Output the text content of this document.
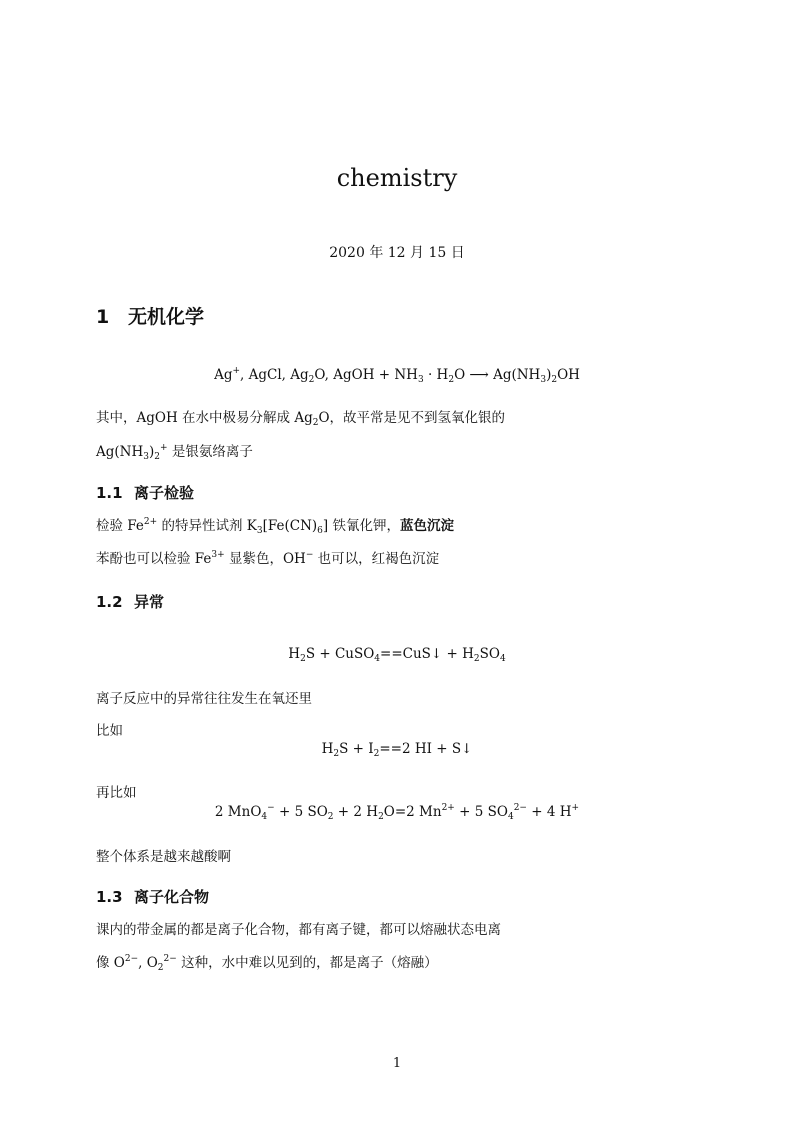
chemistry
2020 年 12 月 15 日
1 无机化学
Ag+, AgCl, $Ag_2O$, AgOH + $NH_3 \cdot H_2O$ ⟶ $Ag(NH_3)_2OH$
其中，AgOH 在水中极易分解成 $Ag_2O$，故平常是见不到氢氧化银的
$Ag(NH_3)_2^+$ 是银氨络离子
1.1 离子检验
检验 $Fe^{2+}$ 的特异性试剂 $K_3[Fe(CN)_6]$ 铁氰化钾，蓝色沉淀
苯酚也可以检验 $Fe^{3+}$ 显紫色，OH− 也可以，红褐色沉淀
1.2 异常
$H_2S$ + CuSO$_4$==CuS↓ + $H_2SO_4$
离子反应中的异常往往发生在氧还里
比如
$H_2S + I_2==2$ HI + S↓
再比如
2 MnO$_4$− + 5 $SO_2 + 2$ $H_2O=2$ $Mn^{2+} + 5$ $SO_4^{2-} + 4$ H+
整个体系是越来越酸啊
1.3 离子化合物
课内的带金属的都是离子化合物，都有离子键，都可以熔融状态电离
像 $O^{2-}$, $O_2^{2-}$ 这种，水中难以见到的，都是离子（熔融）
1
